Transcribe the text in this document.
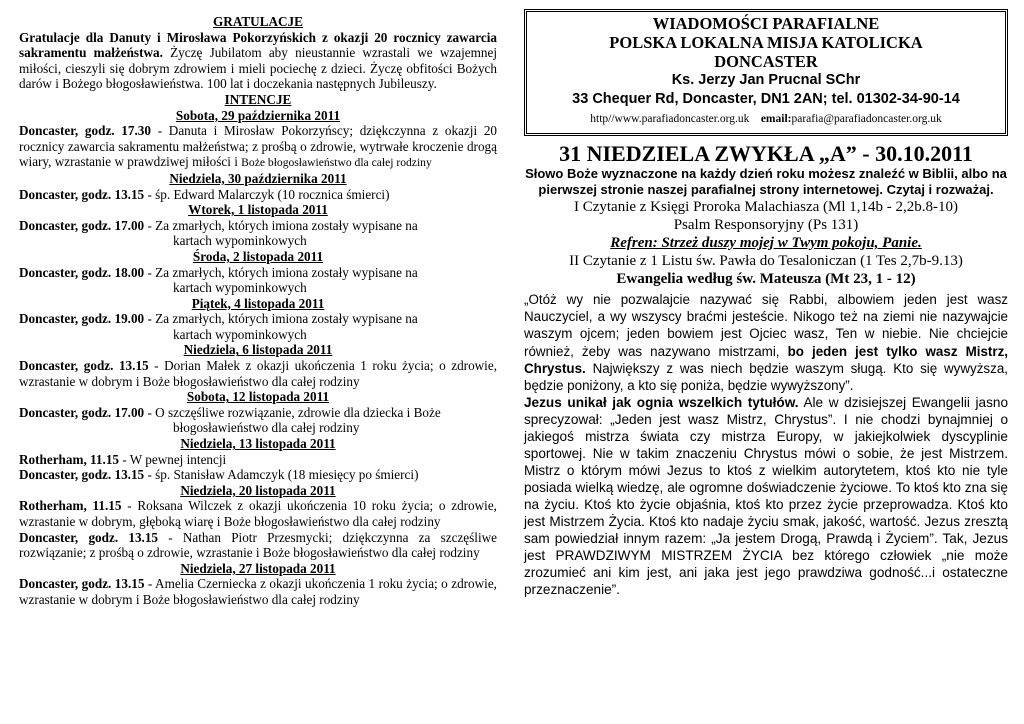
GRATULACJE
Gratulacje dla Danuty i Mirosława Pokorzyńskich z okazji 20 rocznicy zawarcia sakramentu małżeństwa. Życzę Jubilatom aby nieustannie wzrastali we wzajemnej miłości, cieszyli się dobrym zdrowiem i mieli pociechę z dzieci. Życzę obfitości Bożych darów i Bożego błogosławieństwa. 100 lat i doczekania następnych Jubileuszy.
INTENCJE
Sobota, 29 października 2011
Doncaster, godz. 17.30 - Danuta i Mirosław Pokorzyńscy; dziękczynna z okazji 20 rocznicy zawarcia sakramentu małżeństwa; z prośbą o zdrowie, wytrwałe kroczenie drogą wiary, wzrastanie w prawdziwej miłości i Boże błogosławieństwo dla całej rodziny
Niedziela, 30 października 2011
Doncaster, godz. 13.15 - śp. Edward Malarczyk (10 rocznica śmierci)
Wtorek, 1 listopada 2011
Doncaster, godz. 17.00 - Za zmarłych, których imiona zostały wypisane na
kartach wypominkowych
Środa, 2 listopada 2011
Doncaster, godz. 18.00 - Za zmarłych, których imiona zostały wypisane na
kartach wypominkowych
Piątek, 4 listopada 2011
Doncaster, godz. 19.00 - Za zmarłych, których imiona zostały wypisane na
kartach wypominkowych
Niedziela, 6 listopada 2011
Doncaster, godz. 13.15 - Dorian Małek z okazji ukończenia 1 roku życia; o zdrowie, wzrastanie w dobrym i Boże błogosławieństwo dla całej rodziny
Sobota, 12 listopada 2011
Doncaster, godz. 17.00 - O szczęśliwe rozwiązanie, zdrowie dla dziecka i Boże
błogosławieństwo dla całej rodziny
Niedziela, 13 listopada 2011
Rotherham, 11.15 - W pewnej intencji
Doncaster, godz. 13.15 - śp. Stanisław Adamczyk (18 miesięcy po śmierci)
Niedziela, 20 listopada 2011
Rotherham, 11.15 - Roksana Wilczek z okazji ukończenia 10 roku życia; o zdrowie, wzrastanie w dobrym, głęboką wiarę i Boże błogosławieństwo dla całej rodziny
Doncaster, godz. 13.15 - Nathan Piotr Przesmycki; dziękczynna za szczęśliwe rozwiązanie; z prośbą o zdrowie, wzrastanie i Boże błogosławieństwo dla całej rodziny
Niedziela, 27 listopada 2011
Doncaster, godz. 13.15 - Amelia Czernieck​a z okazji ukończenia 1 roku życia; o zdrowie, wzrastanie w dobrym i Boże błogosławieństwo dla całej rodziny
WIADOMOŚCI PARAFIALNE
POLSKA LOKALNA MISJA KATOLICKA
DONCASTER
Ks. Jerzy Jan Prucnal SChr
33 Chequer Rd, Doncaster, DN1 2AN; tel. 01302-34-90-14
http//www.parafiadoncaster.org.uk email:parafia@parafiadoncaster.org.uk
31 NIEDZIELA ZWYKŁA „A” - 30.10.2011
Słowo Boże wyznaczone na każdy dzień roku możesz znaleźć w Biblii, albo na pierwszej stronie naszej parafialnej strony internetowej. Czytaj i rozważaj.
I Czytanie z Księgi Proroka Malachiasza (Ml 1,14b - 2,2b.8-10)
Psalm Responsoryjny (Ps 131)
Refren: Strzeż duszy mojej w Twym pokoju, Panie.
II Czytanie z 1 Listu św. Pawła do Tesaloniczan (1 Tes 2,7b-9.13)
Ewangelia według św. Mateusza (Mt 23, 1 - 12)
„Otóż wy nie pozwalajcie nazywać się Rabbi, albowiem jeden jest wasz Nauczyciel, a wy wszyscy braćmi jesteście. Nikogo też na ziemi nie nazywajcie waszym ojcem; jeden bowiem jest Ojciec wasz, Ten w niebie. Nie chciejcie również, żeby was nazywano mistrzami, bo jeden jest tylko wasz Mistrz, Chrystus. Największy z was niech będzie waszym sługą. Kto się wywyższa, będzie poniżony, a kto się poniża, będzie wywyższony”.
Jezus unikał jak ognia wszelkich tytułów. Ale w dzisiejszej Ewangelii jasno sprecyzował: „Jeden jest wasz Mistrz, Chrystus”. I nie chodzi bynajmniej o jakiegoś mistrza świata czy mistrza Europy, w jakiejkolwiek dyscyplinie sportowej. Nie w takim znaczeniu Chrystus mówi o sobie, że jest Mistrzem. Mistrz o którym mówi Jezus to ktoś z wielkim autorytetem, ktoś kto nie tyle posiada wielką wiedzę, ale ogromne doświadczenie życiowe. To ktoś kto zna się na życiu. Ktoś kto życie objaśnia, ktoś kto przez życie przeprowadza. Ktoś kto jest Mistrzem Życia. Ktoś kto nadaje życiu smak, jakość, wartość. Jezus zresztą sam powiedział innym razem: „Ja jestem Drogą, Prawdą i Życiem”. Tak, Jezus jest PRAWDZIWYM MISTRZEM ŻYCIA bez którego człowiek „nie może zrozumieć ani kim jest, ani jaka jest jego prawdziwa godność...i ostateczne przeznaczenie”.
